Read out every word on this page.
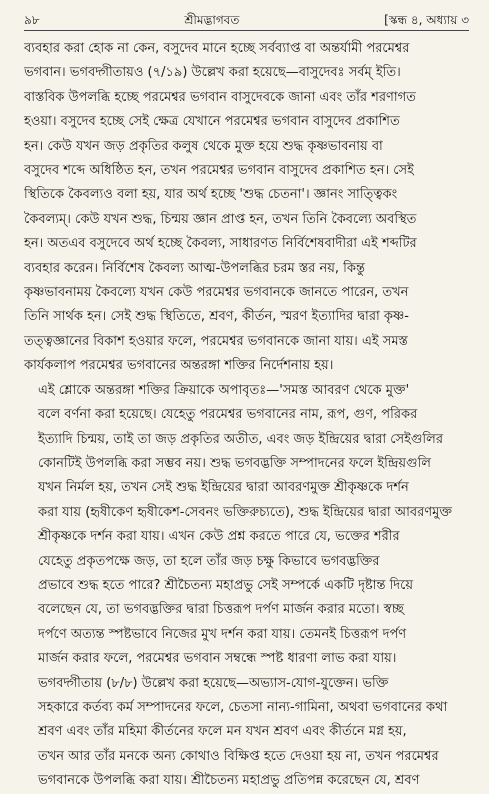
৯৮	শ্রীমদ্ভাগবত	[স্কন্ধ ৪, অধ্যায় ৩

ব্যবহার করা হোক না কেন, বসুদেব মানে হচ্ছে সর্বব্যাপ্ত বা অন্তর্যামী পরমেশ্বর
ভগবান। ভগবদ্গীতায়ও (৭/১৯) উল্লেখ করা হয়েছে—বাসুদেবঃ সর্বম্ ইতি।
বাস্তবিক উপলব্ধি হচ্ছে পরমেশ্বর ভগবান বাসুদেবকে জানা এবং তাঁর শরণাগত
হওয়া। বসুদেব হচ্ছে সেই ক্ষেত্র যেখানে পরমেশ্বর ভগবান বাসুদেব প্রকাশিত
হন। কেউ যখন জড় প্রকৃতির কলুষ থেকে মুক্ত হয়ে শুদ্ধ কৃষ্ণভাবনায় বা
বসুদেব শব্দে অধিষ্ঠিত হন, তখন পরমেশ্বর ভগবান বাসুদেব প্রকাশিত হন। সেই
স্থিতিকে কৈবল্যও বলা হয়, যার অর্থ হচ্ছে 'শুদ্ধ চেতনা'। জ্ঞানং সাত্ত্বিকং
কৈবল্যম্। কেউ যখন শুদ্ধ, চিন্ময় জ্ঞান প্রাপ্ত হন, তখন তিনি কৈবল্যে অবস্থিত
হন। অতএব বসুদেবে অর্থ হচ্ছে কৈবল্য, সাধারণত নির্বিশেষবাদীরা এই শব্দটির
ব্যবহার করেন। নির্বিশেষ কৈবল্য আত্ম-উপলব্ধির চরম স্তর নয়, কিন্তু
কৃষ্ণভাবনাময় কৈবল্যে যখন কেউ পরমেশ্বর ভগবানকে জানতে পারেন, তখন
তিনি সার্থক হন। সেই শুদ্ধ স্থিতিতে, শ্রবণ, কীর্তন, স্মরণ ইত্যাদির দ্বারা কৃষ্ণ-
তত্ত্বজ্ঞানের বিকাশ হওয়ার ফলে, পরমেশ্বর ভগবানকে জানা যায়। এই সমস্ত
কার্যকলাপ পরমেশ্বর ভগবানের অন্তরঙ্গা শক্তির নির্দেশনায় হয়।

এই শ্লোকে অন্তরঙ্গা শক্তির ক্রিয়াকে অপাবৃতঃ—'সমস্ত আবরণ থেকে মুক্ত'
বলে বর্ণনা করা হয়েছে। যেহেতু পরমেশ্বর ভগবানের নাম, রূপ, গুণ, পরিকর
ইত্যাদি চিন্ময়, তাই তা জড় প্রকৃতির অতীত, এবং জড় ইন্দ্রিয়ের দ্বারা সেইগুলির
কোনটিই উপলব্ধি করা সম্ভব নয়। শুদ্ধ ভগবদ্ভক্তি সম্পাদনের ফলে ইন্দ্রিয়গুলি
যখন নির্মল হয়, তখন সেই শুদ্ধ ইন্দ্রিয়ের দ্বারা আবরণমুক্ত শ্রীকৃষ্ণকে দর্শন
করা যায় (হৃষীকেণ হৃষীকেশ-সেবনং ভক্তিরুচ্যতে), শুদ্ধ ইন্দ্রিয়ের দ্বারা আবরণমুক্ত
শ্রীকৃষ্ণকে দর্শন করা যায়। এখন কেউ প্রশ্ন করতে পারে যে, ভক্তের শরীর
যেহেতু প্রকৃতপক্ষে জড়, তা হলে তাঁর জড় চক্ষু কিভাবে ভগবদ্ভক্তির
প্রভাবে শুদ্ধ হতে পারে? শ্রীচৈতন্য মহাপ্রভু সেই সম্পর্কে একটি দৃষ্টান্ত দিয়ে
বলেছেন যে, তা ভগবদ্ভক্তির দ্বারা চিত্তরূপ দর্পণ মার্জন করার মতো। স্বচ্ছ
দর্পণে অত্যন্ত স্পষ্টভাবে নিজের মুখ দর্শন করা যায়। তেমনই চিত্তরূপ দর্পণ
মার্জন করার ফলে, পরমেশ্বর ভগবান সম্বন্ধে স্পষ্ট ধারণা লাভ করা যায়।
ভগবদ্গীতায় (৮/৮) উল্লেখ করা হয়েছে—অভ্যাস-যোগ-যুক্তেন। ভক্তি
সহকারে কর্তব্য কর্ম সম্পাদনের ফলে, চেতসা নান্য-গামিনা, অথবা ভগবানের কথা
শ্রবণ এবং তাঁর মহিমা কীর্তনের ফলে মন যখন শ্রবণ এবং কীর্তনে মগ্ন হয়,
তখন আর তাঁর মনকে অন্য কোথাও বিক্ষিপ্ত হতে দেওয়া হয় না, তখন পরমেশ্বর
ভগবানকে উপলব্ধি করা যায়। শ্রীচৈতন্য মহাপ্রভু প্রতিপন্ন করেছেন যে, শ্রবণ
